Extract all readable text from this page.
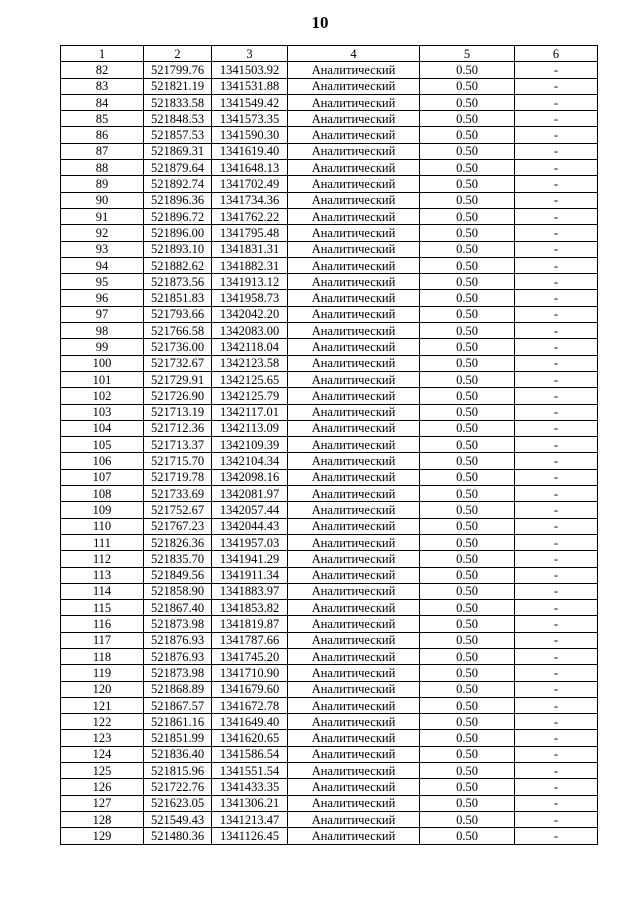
10
1	2	3	4	5	6
82	521799.76	1341503.92	Аналитический	0.50	-
83	521821.19	1341531.88	Аналитический	0.50	-
84	521833.58	1341549.42	Аналитический	0.50	-
85	521848.53	1341573.35	Аналитический	0.50	-
86	521857.53	1341590.30	Аналитический	0.50	-
87	521869.31	1341619.40	Аналитический	0.50	-
88	521879.64	1341648.13	Аналитический	0.50	-
89	521892.74	1341702.49	Аналитический	0.50	-
90	521896.36	1341734.36	Аналитический	0.50	-
91	521896.72	1341762.22	Аналитический	0.50	-
92	521896.00	1341795.48	Аналитический	0.50	-
93	521893.10	1341831.31	Аналитический	0.50	-
94	521882.62	1341882.31	Аналитический	0.50	-
95	521873.56	1341913.12	Аналитический	0.50	-
96	521851.83	1341958.73	Аналитический	0.50	-
97	521793.66	1342042.20	Аналитический	0.50	-
98	521766.58	1342083.00	Аналитический	0.50	-
99	521736.00	1342118.04	Аналитический	0.50	-
100	521732.67	1342123.58	Аналитический	0.50	-
101	521729.91	1342125.65	Аналитический	0.50	-
102	521726.90	1342125.79	Аналитический	0.50	-
103	521713.19	1342117.01	Аналитический	0.50	-
104	521712.36	1342113.09	Аналитический	0.50	-
105	521713.37	1342109.39	Аналитический	0.50	-
106	521715.70	1342104.34	Аналитический	0.50	-
107	521719.78	1342098.16	Аналитический	0.50	-
108	521733.69	1342081.97	Аналитический	0.50	-
109	521752.67	1342057.44	Аналитический	0.50	-
110	521767.23	1342044.43	Аналитический	0.50	-
111	521826.36	1341957.03	Аналитический	0.50	-
112	521835.70	1341941.29	Аналитический	0.50	-
113	521849.56	1341911.34	Аналитический	0.50	-
114	521858.90	1341883.97	Аналитический	0.50	-
115	521867.40	1341853.82	Аналитический	0.50	-
116	521873.98	1341819.87	Аналитический	0.50	-
117	521876.93	1341787.66	Аналитический	0.50	-
118	521876.93	1341745.20	Аналитический	0.50	-
119	521873.98	1341710.90	Аналитический	0.50	-
120	521868.89	1341679.60	Аналитический	0.50	-
121	521867.57	1341672.78	Аналитический	0.50	-
122	521861.16	1341649.40	Аналитический	0.50	-
123	521851.99	1341620.65	Аналитический	0.50	-
124	521836.40	1341586.54	Аналитический	0.50	-
125	521815.96	1341551.54	Аналитический	0.50	-
126	521722.76	1341433.35	Аналитический	0.50	-
127	521623.05	1341306.21	Аналитический	0.50	-
128	521549.43	1341213.47	Аналитический	0.50	-
129	521480.36	1341126.45	Аналитический	0.50	-
